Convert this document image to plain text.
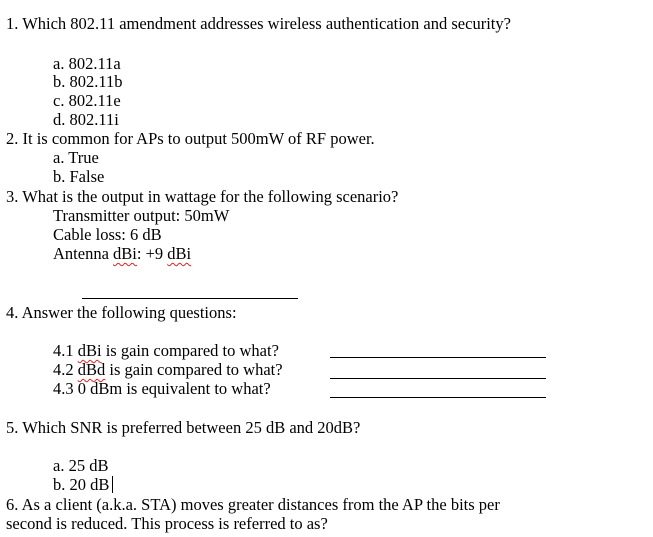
1. Which 802.11 amendment addresses wireless authentication and security?
a. 802.11a
b. 802.11b
c. 802.11e
d. 802.11i
2. It is common for APs to output 500mW of RF power.
a. True
b. False
3. What is the output in wattage for the following scenario?
Transmitter output: 50mW
Cable loss: 6 dB
Antenna dBi: +9 dBi
4. Answer the following questions:
4.1 dBi is gain compared to what?
4.2 dBd is gain compared to what?
4.3 0 dBm is equivalent to what?
5. Which SNR is preferred between 25 dB and 20dB?
a. 25 dB
b. 20 dB
6. As a client (a.k.a. STA) moves greater distances from the AP the bits per
second is reduced. This process is referred to as?
